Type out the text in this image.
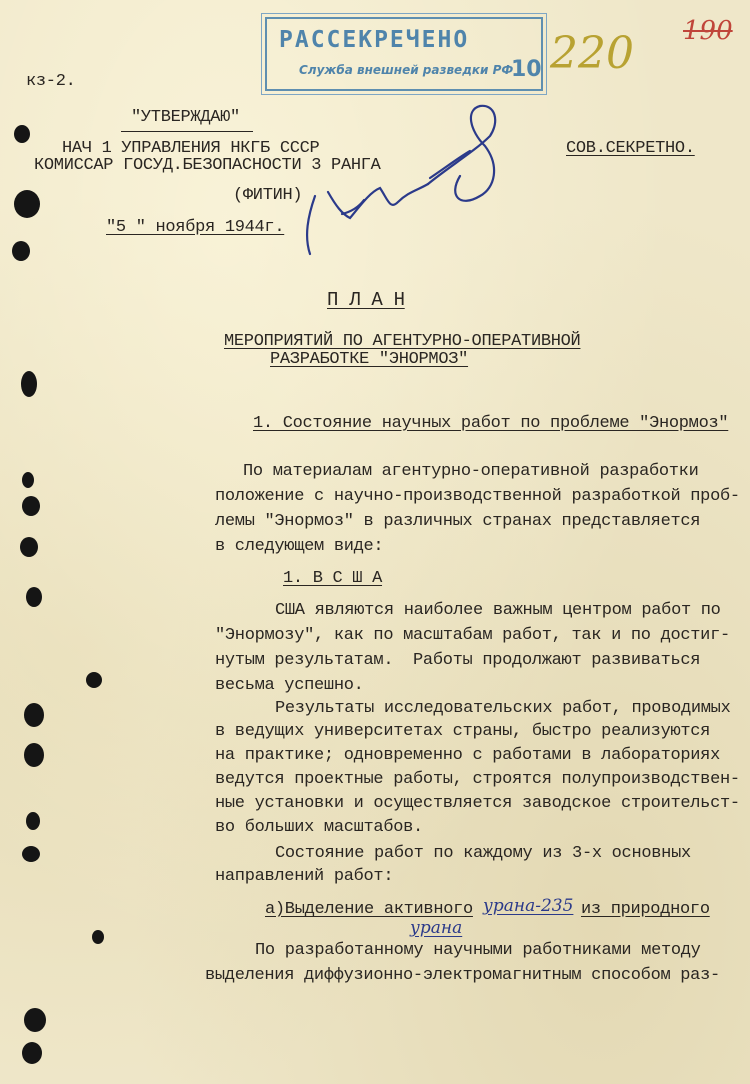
кз-2.
РАССЕКРЕЧЕНО
Служба внешней разведки РФ
10 220 190
"УТВЕРЖДАЮ"
НАЧ 1 УПРАВЛЕНИЯ НКГБ СССР
КОМИССАР ГОСУД.БЕЗОПАСНОСТИ 3 РАНГА
(ФИТИН)
"5 " ноября 1944г.
СОВ.СЕКРЕТНО.
П Л А Н
МЕРОПРИЯТИЙ ПО АГЕНТУРНО-ОПЕРАТИВНОЙ
РАЗРАБОТКЕ "ЭНОРМОЗ"
1. Состояние научных работ по проблеме "Энормоз"
По материалам агентурно-оперативной разработки
положение с научно-производственной разработкой проб-
лемы "Энормоз" в различных странах представляется
в следующем виде:
1. В С Ш А
США являются наиболее важным центром работ по
"Энормозу", как по масштабам работ, так и по достиг-
нутым результатам.  Работы продолжают развиваться
весьма успешно.
Результаты исследовательских работ, проводимых
в ведущих университетах страны, быстро реализуются
на практике; одновременно с работами в лабораториях
ведутся проектные работы, строятся полупроизводствен-
ные установки и осуществляется заводское строительст-
во больших масштабов.
Состояние работ по каждому из 3-х основных
направлений работ:
а)Выделение активного урана-235 из природного
урана
По разработанному научными работниками методу
выделения диффузионно-электромагнитным способом раз-
